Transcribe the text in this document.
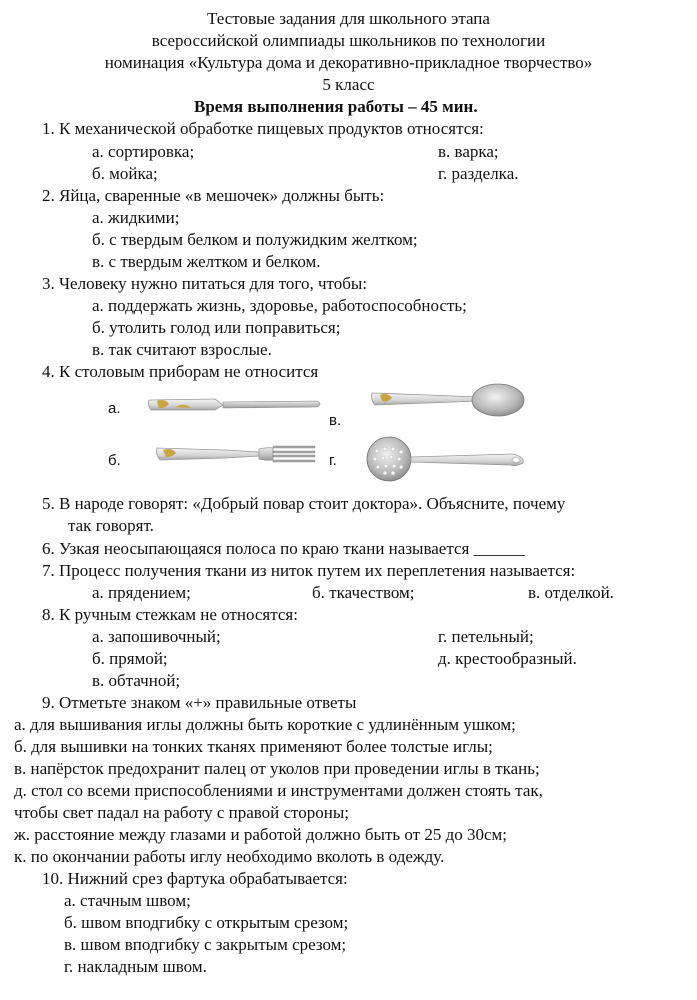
Тестовые задания для школьного этапа
всероссийской олимпиады школьников по технологии
номинация «Культура дома и декоративно-прикладное творчество»
5 класс
Время выполнения работы – 45 мин.
1. К механической обработке пищевых продуктов относятся:
а. сортировка;	в. варка;
б. мойка;	г. разделка.
2. Яйца, сваренные «в мешочек» должны быть:
а. жидкими;
б. с твердым белком и полужидким желтком;
в. с твердым желтком и белком.
3. Человеку нужно питаться для того, чтобы:
а. поддержать жизнь, здоровье, работоспособность;
б. утолить голод или поправиться;
в. так считают взрослые.
4. К столовым приборам не относится
а.
в.
б.	г.
5. В народе говорят: «Добрый повар стоит доктора». Объясните, почему
так говорят.
6. Узкая неосыпающаяся полоса по краю ткани называется ______
7. Процесс получения ткани из ниток путем их переплетения называется:
а. прядением;	б. ткачеством;	в. отделкой.
8. К ручным стежкам не относятся:
а. запошивочный;	г. петельный;
б. прямой;	д. крестообразный.
в. обтачной;
9. Отметьте знаком «+» правильные ответы
а. для вышивания иглы должны быть короткие с удлинённым ушком;
б. для вышивки на тонких тканях применяют более толстые иглы;
в. напёрсток предохранит палец от уколов при проведении иглы в ткань;
д. стол со всеми приспособлениями и инструментами должен стоять так,
чтобы свет падал на работу с правой стороны;
ж. расстояние между глазами и работой должно быть от 25 до 30см;
к. по окончании работы иглу необходимо вколоть в одежду.
10. Нижний срез фартука обрабатывается:
а. стачным швом;
б. швом вподгибку с открытым срезом;
в. швом вподгибку с закрытым срезом;
г. накладным швом.
